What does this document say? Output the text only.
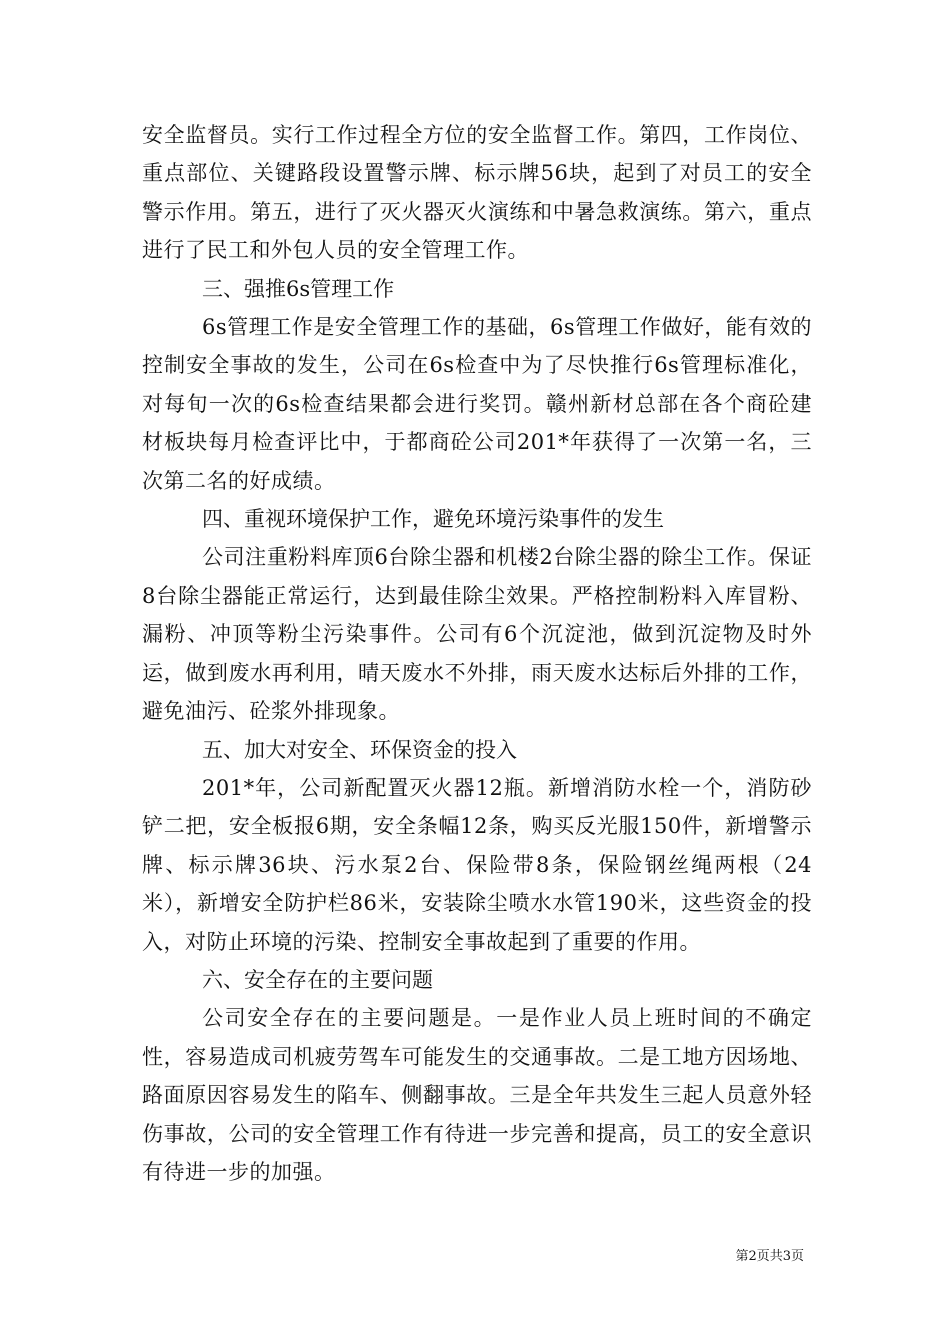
安全监督员。实行工作过程全方位的安全监督工作。第四，工作岗位、重点部位、关键路段设置警示牌、标示牌56块，起到了对员工的安全警示作用。第五，进行了灭火器灭火演练和中暑急救演练。第六，重点进行了民工和外包人员的安全管理工作。

三、强推6s管理工作

6s管理工作是安全管理工作的基础，6s管理工作做好，能有效的控制安全事故的发生，公司在6s检查中为了尽快推行6s管理标准化，对每旬一次的6s检查结果都会进行奖罚。赣州新材总部在各个商砼建材板块每月检查评比中，于都商砼公司201*年获得了一次第一名，三次第二名的好成绩。

四、重视环境保护工作，避免环境污染事件的发生

公司注重粉料库顶6台除尘器和机楼2台除尘器的除尘工作。保证8台除尘器能正常运行，达到最佳除尘效果。严格控制粉料入库冒粉、漏粉、冲顶等粉尘污染事件。公司有6个沉淀池，做到沉淀物及时外运，做到废水再利用，晴天废水不外排，雨天废水达标后外排的工作，避免油污、砼浆外排现象。

五、加大对安全、环保资金的投入

201*年，公司新配置灭火器12瓶。新增消防水栓一个，消防砂铲二把，安全板报6期，安全条幅12条，购买反光服150件，新增警示牌、标示牌36块、污水泵2台、保险带8条，保险钢丝绳两根（24米），新增安全防护栏86米，安装除尘喷水水管190米，这些资金的投入，对防止环境的污染、控制安全事故起到了重要的作用。

六、安全存在的主要问题

公司安全存在的主要问题是。一是作业人员上班时间的不确定性，容易造成司机疲劳驾车可能发生的交通事故。二是工地方因场地、路面原因容易发生的陷车、侧翻事故。三是全年共发生三起人员意外轻伤事故，公司的安全管理工作有待进一步完善和提高，员工的安全意识有待进一步的加强。

第2页共3页
